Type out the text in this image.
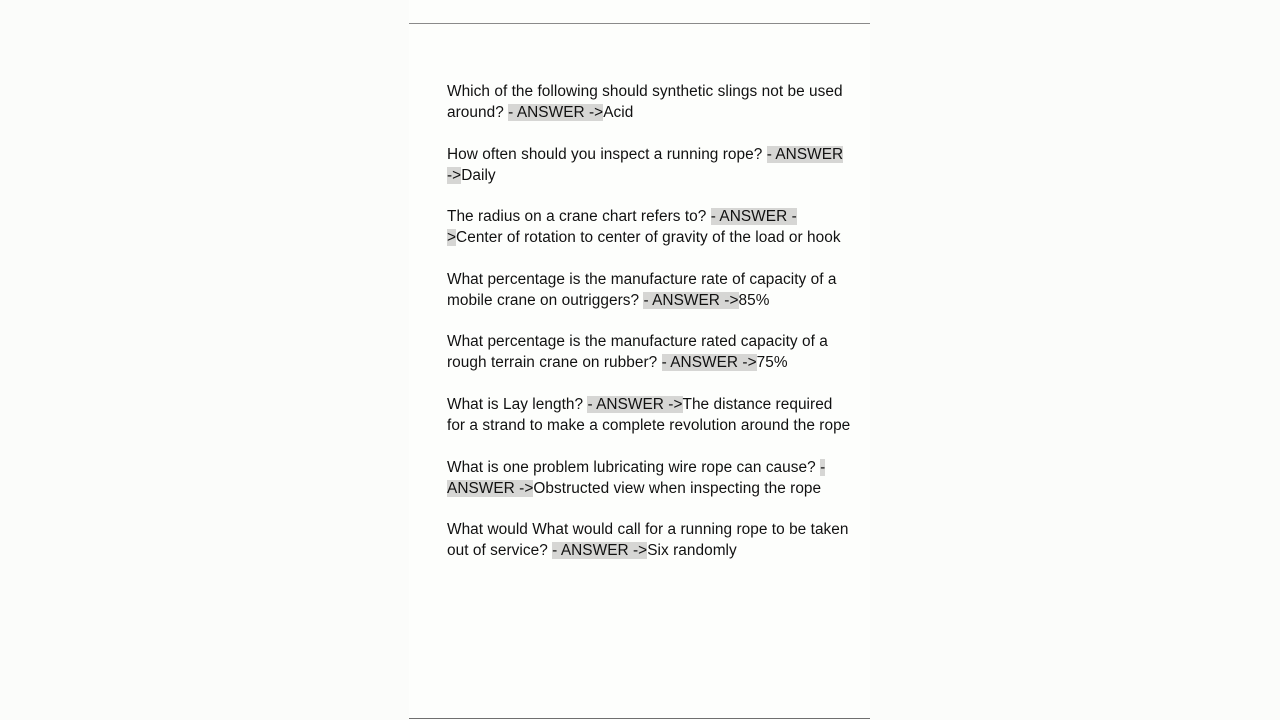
Which of the following should synthetic slings not be used around? - ANSWER ->Acid

How often should you inspect a running rope? - ANSWER ->Daily

The radius on a crane chart refers to? - ANSWER ->Center of rotation to center of gravity of the load or hook

What percentage is the manufacture rate of capacity of a mobile crane on outriggers? - ANSWER ->85%

What percentage is the manufacture rated capacity of a rough terrain crane on rubber? - ANSWER ->75%

What is Lay length? - ANSWER ->The distance required for a strand to make a complete revolution around the rope

What is one problem lubricating wire rope can cause? - ANSWER ->Obstructed view when inspecting the rope

What would What would call for a running rope to be taken out of service? - ANSWER ->Six randomly
